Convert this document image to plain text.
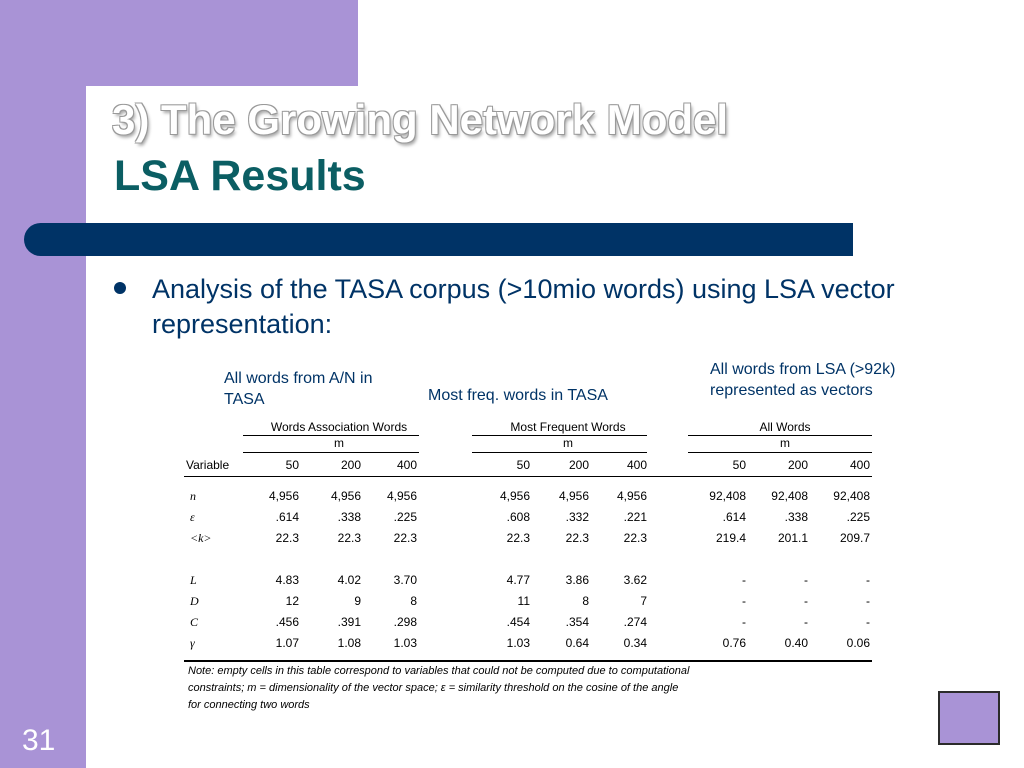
3) The Growing Network Model
LSA Results
Analysis of the TASA corpus (>10mio words) using LSA vector representation:
All words from A/N in TASA	Most freq. words in TASA
All words from LSA (>92k) represented as vectors
Words Association Words
m
Most Frequent Words
m
All Words
m
Variable	50	200	400	50	200	400	50	200	400
n	4,956	4,956	4,956	4,956	4,956	4,956	92,408	92,408	92,408
ε	.614	.338	.225	.608	.332	.221	.614	.338	.225
<k>	22.3	22.3	22.3	22.3	22.3	22.3	219.4	201.1	209.7
L	4.83	4.02	3.70	4.77	3.86	3.62	-	-	-
D	12	9	8	11	8	7	-	-	-
C	.456	.391	.298	.454	.354	.274	-	-	-
γ	1.07	1.08	1.03	1.03	0.64	0.34	0.76	0.40	0.06
Note: empty cells in this table correspond to variables that could not be computed due to computational
constraints; m = dimensionality of the vector space; ε = similarity threshold on the cosine of the angle
for connecting two words
31
